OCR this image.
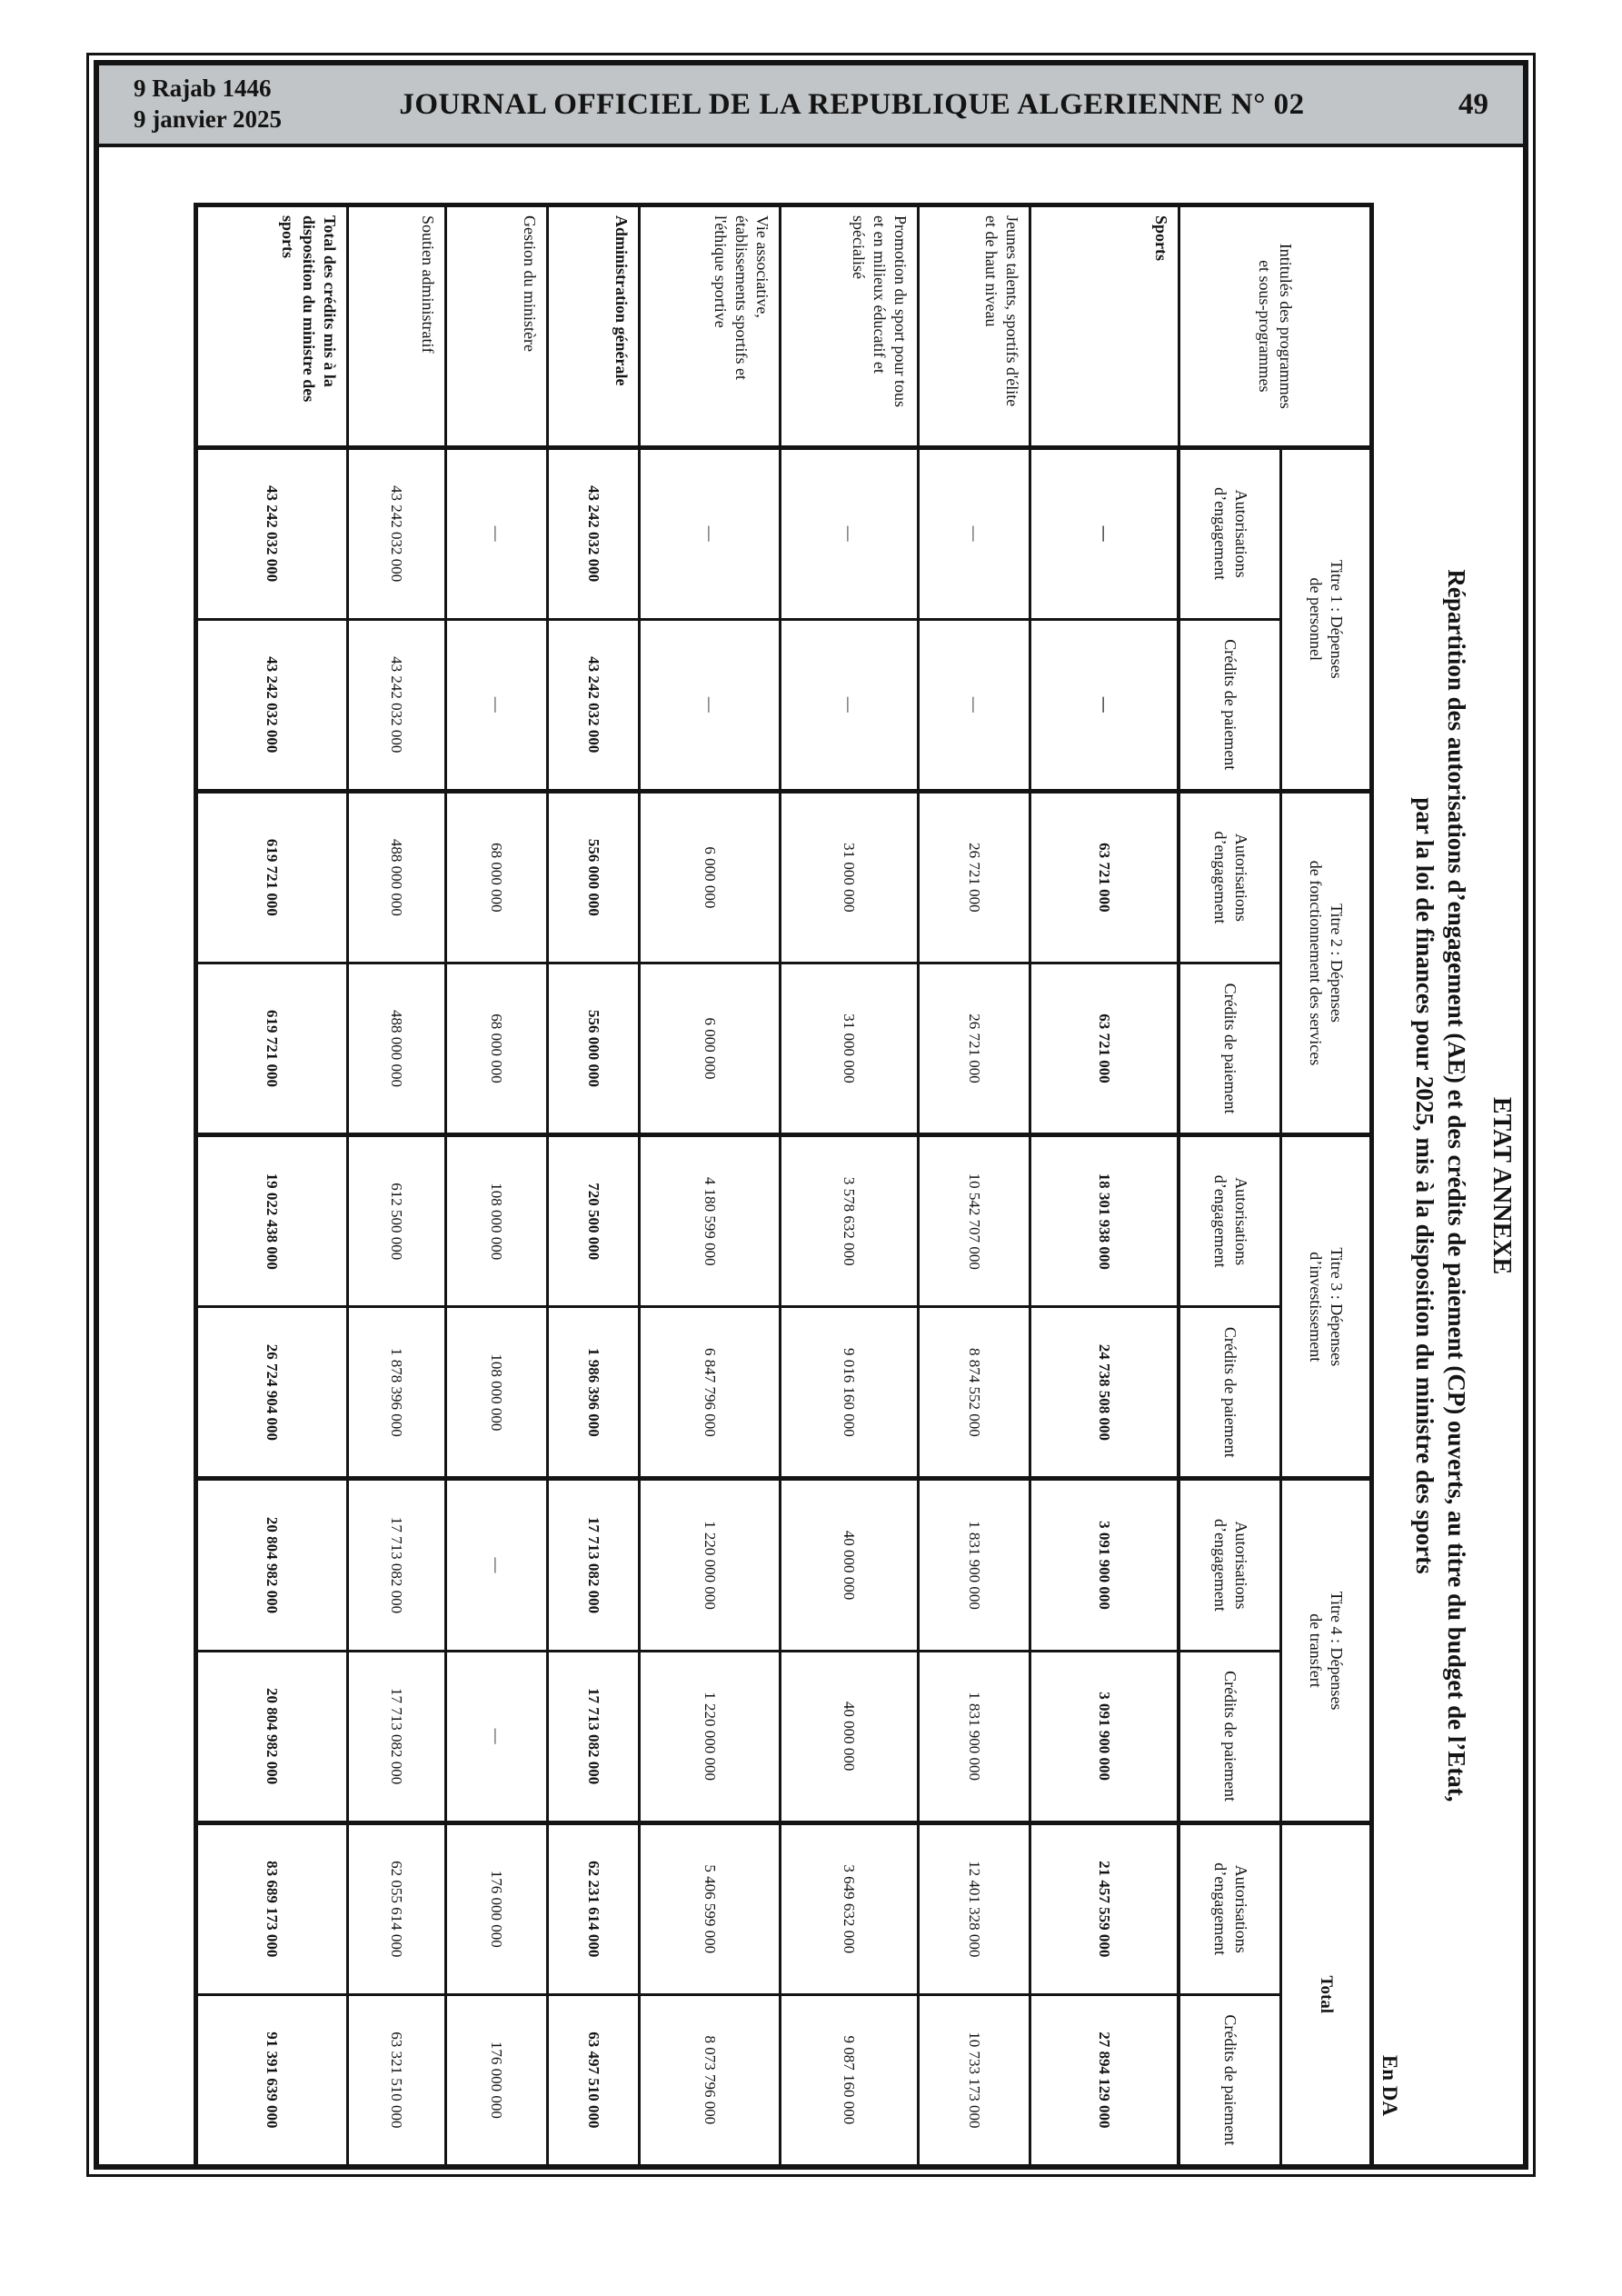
9 Rajab 1446
9 janvier 2025	JOURNAL OFFICIEL DE LA REPUBLIQUE ALGERIENNE N° 02	49
ETAT ANNEXE
Répartition des autorisations d’engagement (AE) et des crédits de paiement (CP) ouverts, au titre du budget de l’Etat,
par la loi de finances pour 2025, mis à la disposition du ministre des sports
En DA
Intitulés des programmes
et sous-programmes	Titre 1 : Dépenses
de personnel		Titre 2 : Dépenses
de fonctionnement des services		Titre 3 : Dépenses
d’investissement		Titre 4 : Dépenses
de transfert		Total	

	Autorisations d’engagement	Crédits de paiement	Autorisations d’engagement	Crédits de paiement	Autorisations d’engagement	Crédits de paiement	Autorisations d’engagement	Crédits de paiement	Autorisations d’engagement	Crédits de paiement

Sports	—	—	63 721 000	63 721 000	18 301 938 000	24 738 508 000	3 091 900 000	3 091 900 000	21 457 559 000	27 894 129 000

Jeunes talents, sportifs d'élite
et de haut niveau	—	—	26 721 000	26 721 000	10 542 707 000	8 874 552 000	1 831 900 000	1 831 900 000	12 401 328 000	10 733 173 000

Promotion du sport pour tous
et en milieux éducatif et
spécialisé	—	—	31 000 000	31 000 000	3 578 632 000	9 016 160 000	40 000 000	40 000 000	3 649 632 000	9 087 160 000

Vie associative,
établissements sportifs et
l'éthique sportive	—	—	6 000 000	6 000 000	4 180 599 000	6 847 796 000	1 220 000 000	1 220 000 000	5 406 599 000	8 073 796 000

Administration générale	43 242 032 000	43 242 032 000	556 000 000	556 000 000	720 500 000	1 986 396 000	17 713 082 000	17 713 082 000	62 231 614 000	63 497 510 000

Gestion du ministère	—	—	68 000 000	68 000 000	108 000 000	108 000 000	—	—	176 000 000	176 000 000

Soutien administratif	43 242 032 000	43 242 032 000	488 000 000	488 000 000	612 500 000	1 878 396 000	17 713 082 000	17 713 082 000	62 055 614 000	63 321 510 000

Total des crédits mis à la
disposition du ministre des
sports	43 242 032 000	43 242 032 000	619 721 000	619 721 000	19 022 438 000	26 724 904 000	20 804 982 000	20 804 982 000	83 689 173 000	91 391 639 000
